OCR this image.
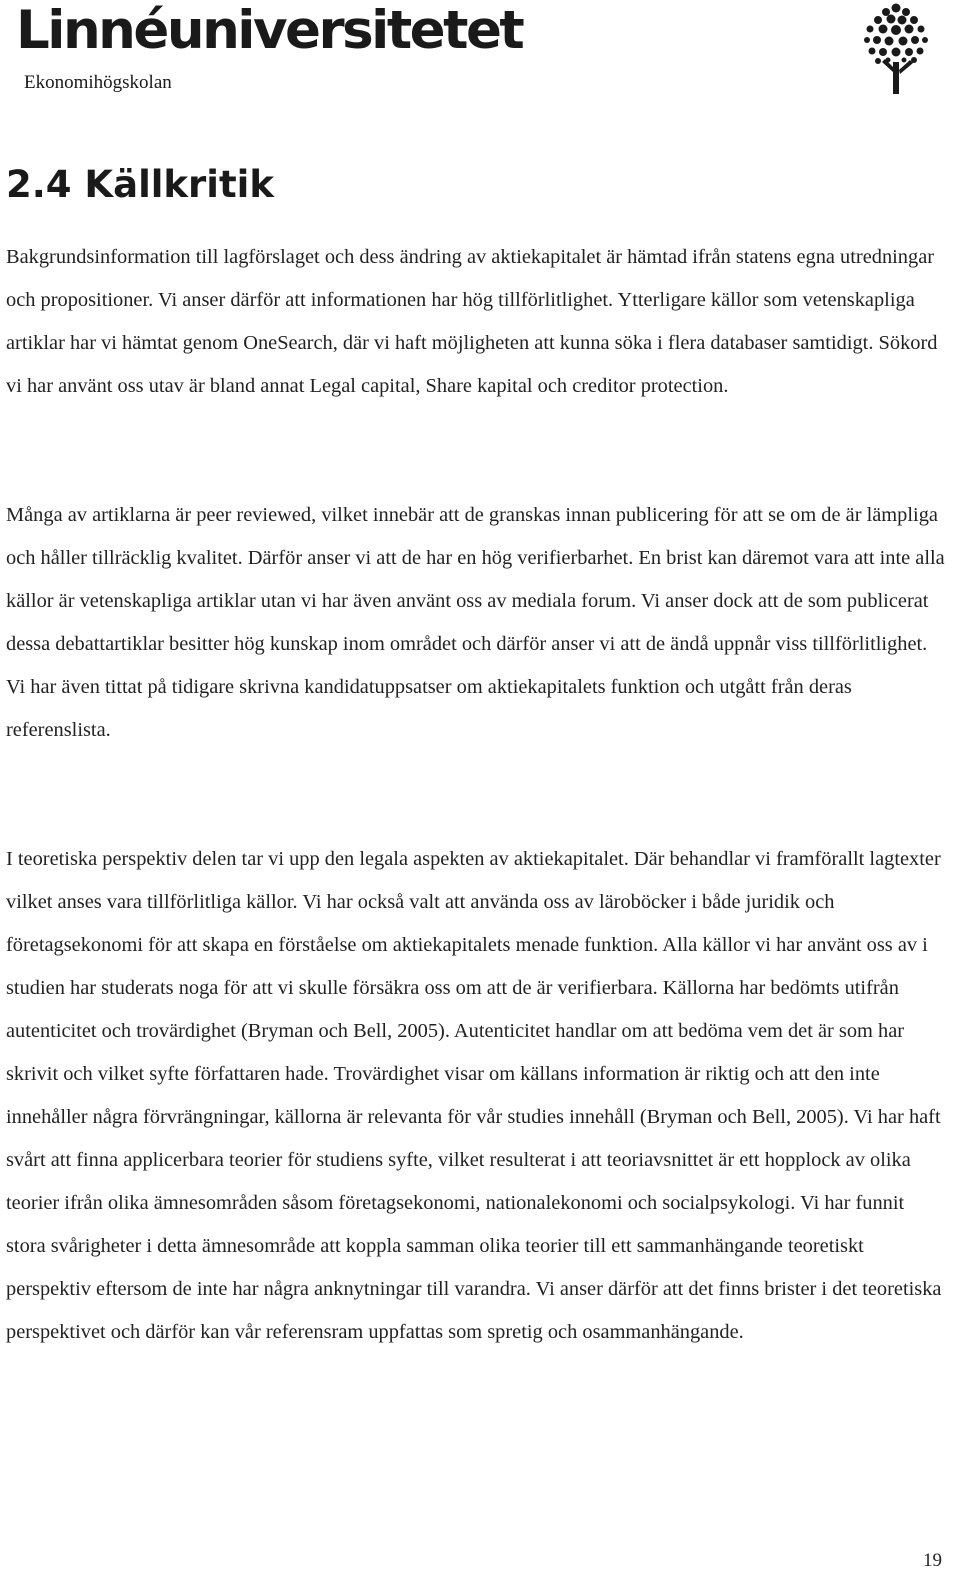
Linnéuniversitetet
Ekonomihögskolan
2.4 Källkritik

Bakgrundsinformation till lagförslaget och dess ändring av aktiekapitalet är hämtad ifrån statens egna utredningar och propositioner. Vi anser därför att informationen har hög tillförlitlighet. Ytterligare källor som vetenskapliga artiklar har vi hämtat genom OneSearch, där vi haft möjligheten att kunna söka i flera databaser samtidigt. Sökord vi har använt oss utav är bland annat Legal capital, Share kapital och creditor protection.

Många av artiklarna är peer reviewed, vilket innebär att de granskas innan publicering för att se om de är lämpliga och håller tillräcklig kvalitet. Därför anser vi att de har en hög verifierbarhet. En brist kan däremot vara att inte alla källor är vetenskapliga artiklar utan vi har även använt oss av mediala forum. Vi anser dock att de som publicerat dessa debattartiklar besitter hög kunskap inom området och därför anser vi att de ändå uppnår viss tillförlitlighet. Vi har även tittat på tidigare skrivna kandidatuppsatser om aktiekapitalets funktion och utgått från deras referenslista.

I teoretiska perspektiv delen tar vi upp den legala aspekten av aktiekapitalet. Där behandlar vi framförallt lagtexter vilket anses vara tillförlitliga källor. Vi har också valt att använda oss av läroböcker i både juridik och företagsekonomi för att skapa en förståelse om aktiekapitalets menade funktion. Alla källor vi har använt oss av i studien har studerats noga för att vi skulle försäkra oss om att de är verifierbara. Källorna har bedömts utifrån autenticitet och trovärdighet (Bryman och Bell, 2005). Autenticitet handlar om att bedöma vem det är som har skrivit och vilket syfte författaren hade. Trovärdighet visar om källans information är riktig och att den inte innehåller några förvrängningar, källorna är relevanta för vår studies innehåll (Bryman och Bell, 2005). Vi har haft svårt att finna applicerbara teorier för studiens syfte, vilket resulterat i att teoriavsnittet är ett hopplock av olika teorier ifrån olika ämnesområden såsom företagsekonomi, nationalekonomi och socialpsykologi. Vi har funnit stora svårigheter i detta ämnesområde att koppla samman olika teorier till ett sammanhängande teoretiskt perspektiv eftersom de inte har några anknytningar till varandra. Vi anser därför att det finns brister i det teoretiska perspektivet och därför kan vår referensram uppfattas som spretig och osammanhängande.

19
